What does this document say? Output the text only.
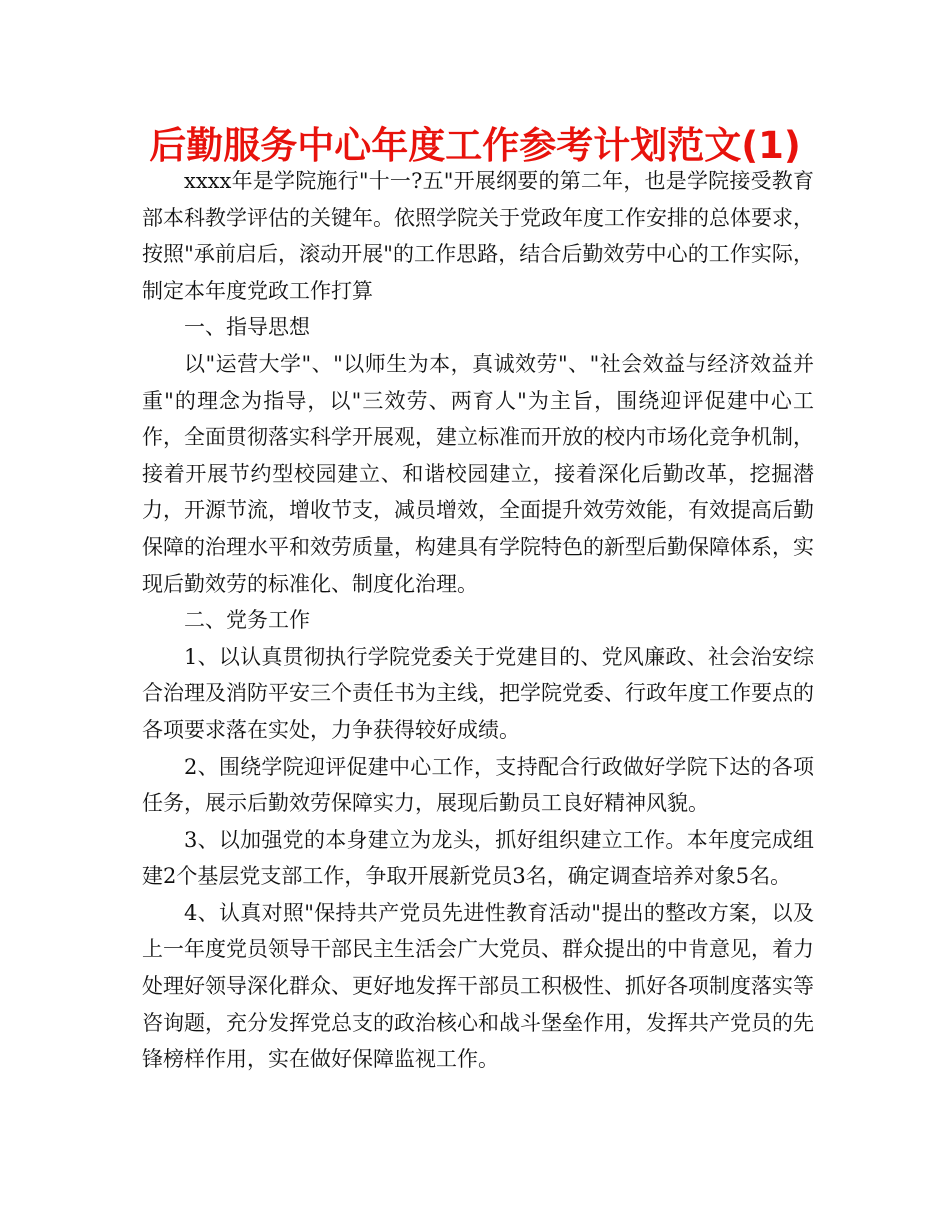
后勤服务中心年度工作参考计划范文(1)

xxxx年是学院施行"十一?五"开展纲要的第二年，也是学院接受教育部本科教学评估的关键年。依照学院关于党政年度工作安排的总体要求，按照"承前启后，滚动开展"的工作思路，结合后勤效劳中心的工作实际，制定本年度党政工作打算

一、指导思想

以"运营大学"、"以师生为本，真诚效劳"、"社会效益与经济效益并重"的理念为指导，以"三效劳、两育人"为主旨，围绕迎评促建中心工作，全面贯彻落实科学开展观，建立标准而开放的校内市场化竞争机制，接着开展节约型校园建立、和谐校园建立，接着深化后勤改革，挖掘潜力，开源节流，增收节支，减员增效，全面提升效劳效能，有效提高后勤保障的治理水平和效劳质量，构建具有学院特色的新型后勤保障体系，实现后勤效劳的标准化、制度化治理。

二、党务工作

1、以认真贯彻执行学院党委关于党建目的、党风廉政、社会治安综合治理及消防平安三个责任书为主线，把学院党委、行政年度工作要点的各项要求落在实处，力争获得较好成绩。

2、围绕学院迎评促建中心工作，支持配合行政做好学院下达的各项任务，展示后勤效劳保障实力，展现后勤员工良好精神风貌。

3、以加强党的本身建立为龙头，抓好组织建立工作。本年度完成组建2个基层党支部工作，争取开展新党员3名，确定调查培养对象5名。

4、认真对照"保持共产党员先进性教育活动"提出的整改方案，以及上一年度党员领导干部民主生活会广大党员、群众提出的中肯意见，着力处理好领导深化群众、更好地发挥干部员工积极性、抓好各项制度落实等咨询题，充分发挥党总支的政治核心和战斗堡垒作用，发挥共产党员的先锋榜样作用，实在做好保障监视工作。
